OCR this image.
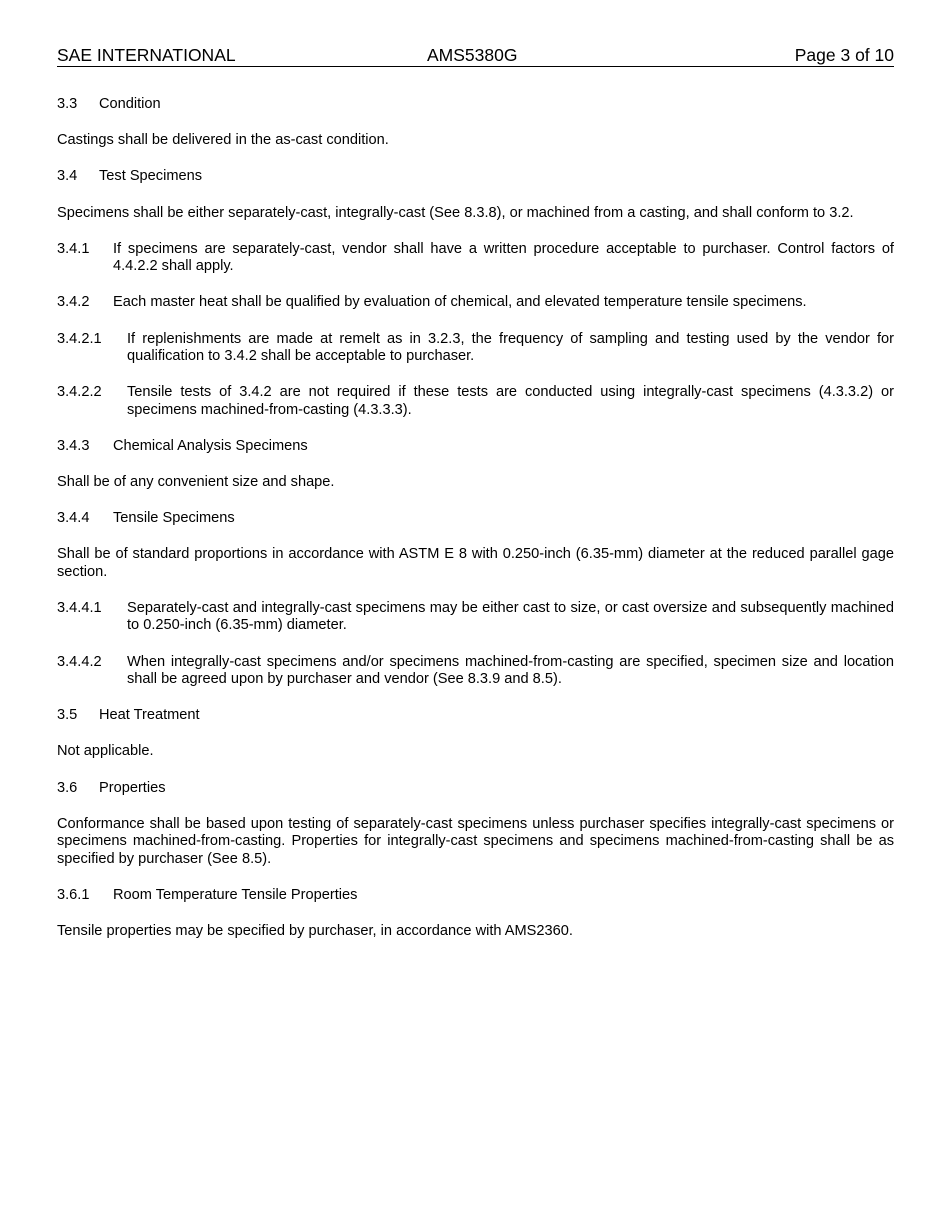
SAE INTERNATIONAL	AMS5380G	Page 3 of 10
3.3	Condition
Castings shall be delivered in the as-cast condition.
3.4	Test Specimens
Specimens shall be either separately-cast, integrally-cast (See 8.3.8), or machined from a casting, and shall conform to 3.2.
3.4.1	If specimens are separately-cast, vendor shall have a written procedure acceptable to purchaser. Control factors of 4.4.2.2 shall apply.
3.4.2	Each master heat shall be qualified by evaluation of chemical, and elevated temperature tensile specimens.
3.4.2.1	If replenishments are made at remelt as in 3.2.3, the frequency of sampling and testing used by the vendor for qualification to 3.4.2 shall be acceptable to purchaser.
3.4.2.2	Tensile tests of 3.4.2 are not required if these tests are conducted using integrally-cast specimens (4.3.3.2) or specimens machined-from-casting (4.3.3.3).
3.4.3	Chemical Analysis Specimens
Shall be of any convenient size and shape.
3.4.4	Tensile Specimens
Shall be of standard proportions in accordance with ASTM E 8 with 0.250-inch (6.35-mm) diameter at the reduced parallel gage section.
3.4.4.1	Separately-cast and integrally-cast specimens may be either cast to size, or cast oversize and subsequently machined to 0.250-inch (6.35-mm) diameter.
3.4.4.2	When integrally-cast specimens and/or specimens machined-from-casting are specified, specimen size and location shall be agreed upon by purchaser and vendor (See 8.3.9 and 8.5).
3.5	Heat Treatment
Not applicable.
3.6	Properties
Conformance shall be based upon testing of separately-cast specimens unless purchaser specifies integrally-cast specimens or specimens machined-from-casting. Properties for integrally-cast specimens and specimens machined-from-casting shall be as specified by purchaser (See 8.5).
3.6.1	Room Temperature Tensile Properties
Tensile properties may be specified by purchaser, in accordance with AMS2360.
